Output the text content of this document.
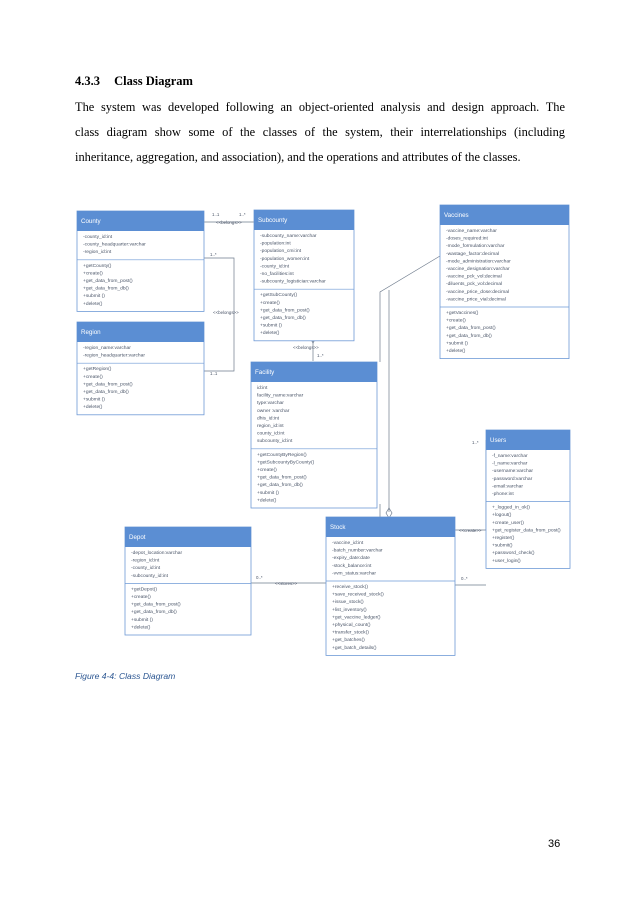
4.3.3 Class Diagram
The system was developed following an object-oriented analysis and design approach. The
class diagram show some of the classes of the system, their interrelationships (including
inheritance, aggregation, and association), and the operations and attributes of the classes.
1..1	1..*
<<belongs>>
1..*
1..1
<<belongs>>
1..*
<<belongs>>
1..*
0..*
<<create>>
0..*
<<stores>>
County
-county_id:int
-county_headquarter:varchar
-region_id:int
+getCounty()
+create()
+get_data_from_post()
+get_data_from_db()
+submit ()
+delete()
Subcounty
-subcounty_name:varchar
-population:int
-population_cmi:int
-population_women:int
-county_id:int
-no_facilities:int
-subcounty_logistician:varchar
+getSubCounty()
+create()
+get_data_from_post()
+get_data_from_db()
+submit ()
+delete()
Vaccines
-vaccine_name:varchar
-doses_required:int
-mode_formulation:varchar
-wastage_factor:decimal
-mode_administration:varchar
-vaccine_designation:varchar
-vaccine_pck_vol:decimal
-diluents_pck_vol:decimal
-vaccine_price_dose:decimal
-vaccine_price_vial:decimal
+getVaccines()
+create()
+get_data_from_post()
+get_data_from_db()
+submit ()
+delete()
Region
-region_name:varchar
-region_headquarter:varchar
+getRegion()
+create()
+get_data_from_post()
+get_data_from_db()
+submit ()
+delete()
Facility
id:int
facility_name:varchar
type:varchar
owner :varchar
dhis_id:int
region_id:int
county_id:int
subcounty_id:int
+getCountyByRegion()
+getSubcountyByCounty()
+create()
+get_data_from_post()
+get_data_from_db()
+submit ()
+delete()
Users
-f_name:varchar
-l_name:varchar
-username:varchar
-password:varchar
-email:varchar
-phone:int
+_logged_in_ok()
+logout()
+create_user()
+get_register_data_from_post()
+register()
+submit()
+password_check()
+user_login()
Depot
-depot_location:varchar
-region_id:int
-county_id:int
-subcounty_id:int
+getDepot()
+create()
+get_data_from_post()
+get_data_from_db()
+submit ()
+delete()
Stock
-vaccine_id:int
-batch_number:varchar
-expiry_date:date
-stock_balance:int
-vvm_status:varchar
+receive_stock()
+save_received_stock()
+issue_stock()
+list_inventory()
+get_vaccine_ledger()
+physical_count()
+transfer_stock()
+get_batches()
+get_batch_details()
Figure 4-4: Class Diagram
36
